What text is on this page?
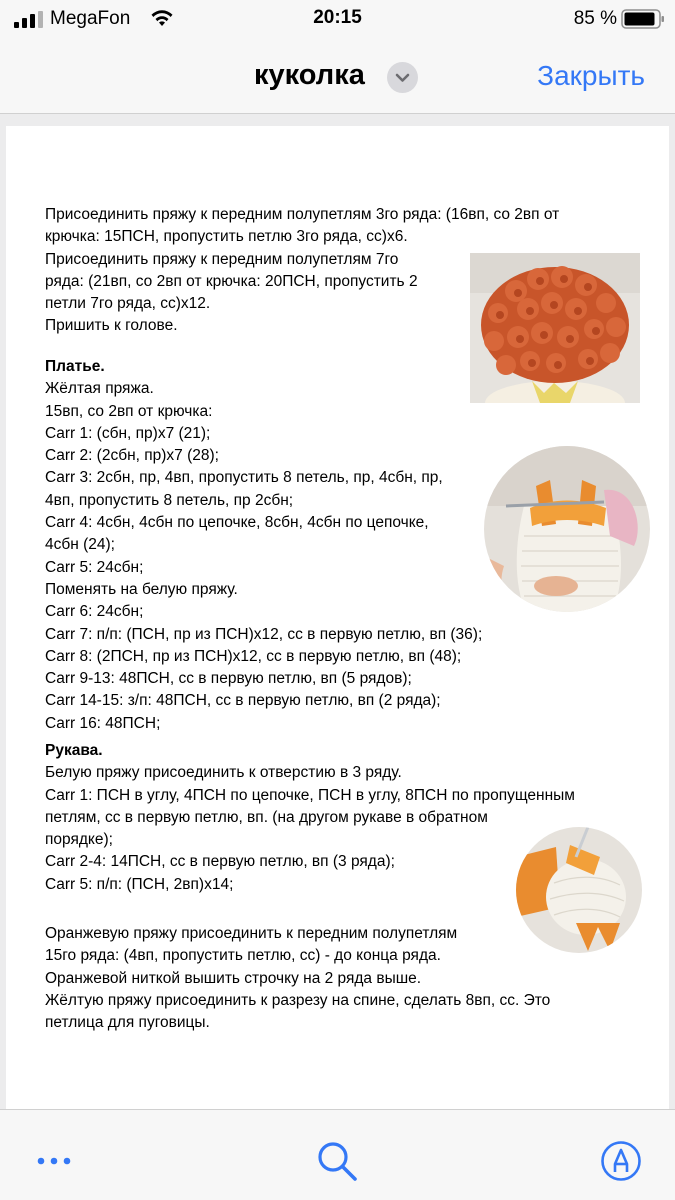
MegaFon	20:15	85 %
куколка	Закрыть
Присоединить пряжу к передним полупетлям 3го ряда: (16вп, со 2вп от
крючка: 15ПСН, пропустить петлю 3го ряда, сс)x6.
Присоединить пряжу к передним полупетлям 7го
ряда: (21вп, со 2вп от крючка: 20ПСН, пропустить 2
петли 7го ряда, сс)x12.
Пришить к голове.
Платье.
Жёлтая пряжа.
15вп, со 2вп от крючка:
Carr 1: (сбн, пр)x7 (21);
Carr 2: (2сбн, пр)x7 (28);
Carr 3: 2сбн, пр, 4вп, пропустить 8 петель, пр, 4сбн, пр,
4вп, пропустить 8 петель, пр 2сбн;
Carr 4: 4сбн, 4сбн по цепочке, 8сбн, 4сбн по цепочке,
4сбн (24);
Carr 5: 24сбн;
Поменять на белую пряжу.
Carr 6: 24сбн;
Carr 7: п/п: (ПСН, пр из ПСН)x12, сс в первую петлю, вп (36);
Carr 8: (2ПСН, пр из ПСН)x12, сс в первую петлю, вп (48);
Carr 9-13: 48ПСН, сс в первую петлю, вп (5 рядов);
Carr 14-15: з/п: 48ПСН, сс в первую петлю, вп (2 ряда);
Carr 16: 48ПСН;
Рукава.
Белую пряжу присоединить к отверстию в 3 ряду.
Carr 1: ПСН в углу, 4ПСН по цепочке, ПСН в углу, 8ПСН по пропущенным
петлям, сс в первую петлю, вп. (на другом рукаве в обратном
порядке);
Carr 2-4: 14ПСН, сс в первую петлю, вп (3 ряда);
Carr 5: п/п: (ПСН, 2вп)x14;
Оранжевую пряжу присоединить к передним полупетлям
15го ряда: (4вп, пропустить петлю, сс) - до конца ряда.
Оранжевой ниткой вышить строчку на 2 ряда выше.
Жёлтую пряжу присоединить к разрезу на спине, сделать 8вп, сс. Это
петлица для пуговицы.
